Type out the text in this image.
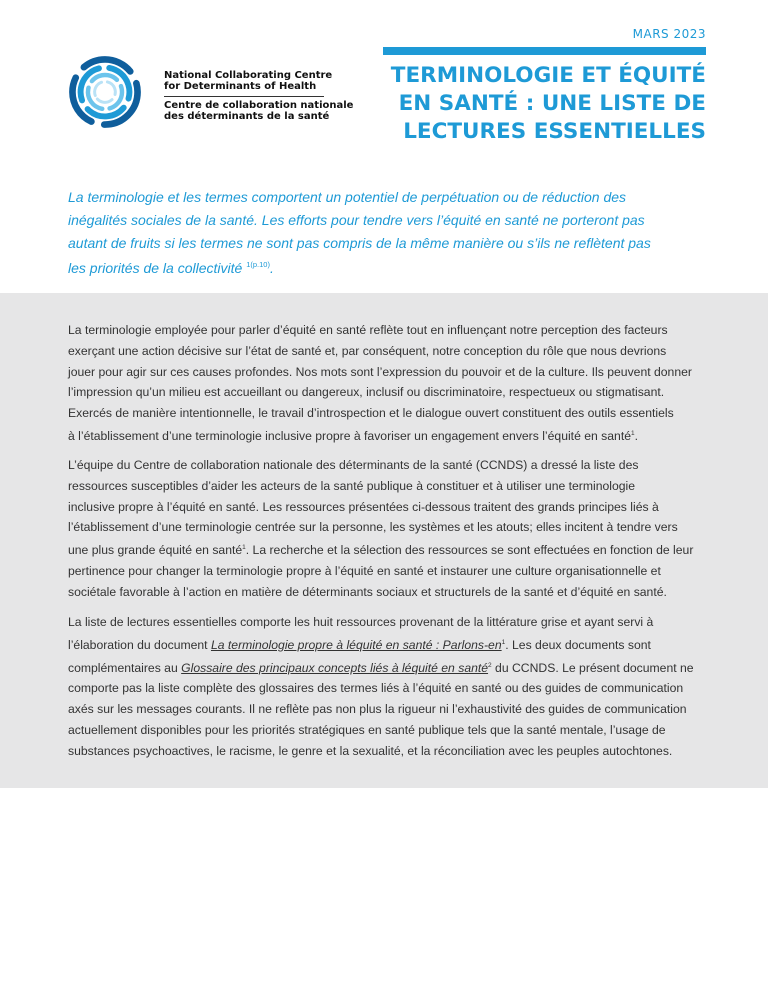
MARS 2023
TERMINOLOGIE ET ÉQUITÉ
EN SANTÉ : UNE LISTE DE
LECTURES ESSENTIELLES
National Collaborating Centre
for Determinants of Health
Centre de collaboration nationale
des déterminants de la santé

La terminologie et les termes comportent un potentiel de perpétuation ou de réduction des
inégalités sociales de la santé. Les efforts pour tendre vers l’équité en santé ne porteront pas
autant de fruits si les termes ne sont pas compris de la même manière ou s’ils ne reflètent pas
les priorités de la collectivité $^{1(p.10)}$.

La terminologie employée pour parler d’équité en santé reflète tout en influençant notre perception des facteurs
exerçant une action décisive sur l’état de santé et, par conséquent, notre conception du rôle que nous devrions
jouer pour agir sur ces causes profondes. Nos mots sont l’expression du pouvoir et de la culture. Ils peuvent donner
l’impression qu’un milieu est accueillant ou dangereux, inclusif ou discriminatoire, respectueux ou stigmatisant.
Exercés de manière intentionnelle, le travail d’introspection et le dialogue ouvert constituent des outils essentiels
à l’établissement d’une terminologie inclusive propre à favoriser un engagement envers l’équité en santé$^1$.

L’équipe du Centre de collaboration nationale des déterminants de la santé (CCNDS) a dressé la liste des
ressources susceptibles d’aider les acteurs de la santé publique à constituer et à utiliser une terminologie
inclusive propre à l’équité en santé. Les ressources présentées ci-dessous traitent des grands principes liés à
l’établissement d’une terminologie centrée sur la personne, les systèmes et les atouts; elles incitent à tendre vers
une plus grande équité en santé$^1$. La recherche et la sélection des ressources se sont effectuées en fonction de leur
pertinence pour changer la terminologie propre à l’équité en santé et instaurer une culture organisationnelle et
sociétale favorable à l’action en matière de déterminants sociaux et structurels de la santé et d’équité en santé.

La liste de lectures essentielles comporte les huit ressources provenant de la littérature grise et ayant servi à
l’élaboration du document La terminologie propre à léquité en santé : Parlons-$en^1$. Les deux documents sont
complémentaires au Glossaire des principaux concepts liés à léquité en santé$^2$ du CCNDS. Le présent document ne
comporte pas la liste complète des glossaires des termes liés à l’équité en santé ou des guides de communication
axés sur les messages courants. Il ne reflète pas non plus la rigueur ni l’exhaustivité des guides de communication
actuellement disponibles pour les priorités stratégiques en santé publique tels que la santé mentale, l’usage de
substances psychoactives, le racisme, le genre et la sexualité, et la réconciliation avec les peuples autochtones.
